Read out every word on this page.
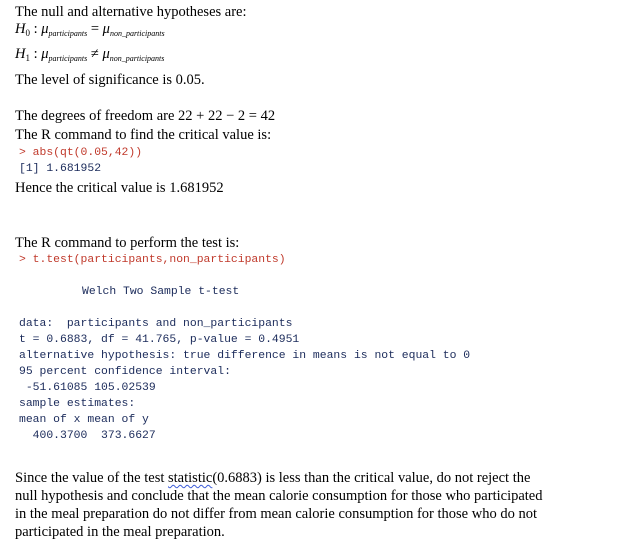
The null and alternative hypotheses are:
$H_0$ : $\mu_{participants} = \mu_{non\_participants}$
$H_1$ : $\mu_{participants} \ne \mu_{non\_participants}$
The level of significance is 0.05.
The degrees of freedom are 22 + 22 − 2 = 42
The R command to find the critical value is:
> abs(qt(0.05,42))
[1] 1.681952
Hence the critical value is 1.681952
The R command to perform the test is:
> t.test(participants,non_participants)
Welch Two Sample t-test
data:  participants and non_participants
t = 0.6883, df = 41.765, p-value = 0.4951
alternative hypothesis: true difference in means is not equal to 0
95 percent confidence interval:
-51.61085 105.02539
sample estimates:
mean of x mean of y
400.3700  373.6627
Since the value of the test statistic(0.6883) is less than the critical value, do not reject the
null hypothesis and conclude that the mean calorie consumption for those who participated
in the meal preparation do not differ from mean calorie consumption for those who do not
participated in the meal preparation.
